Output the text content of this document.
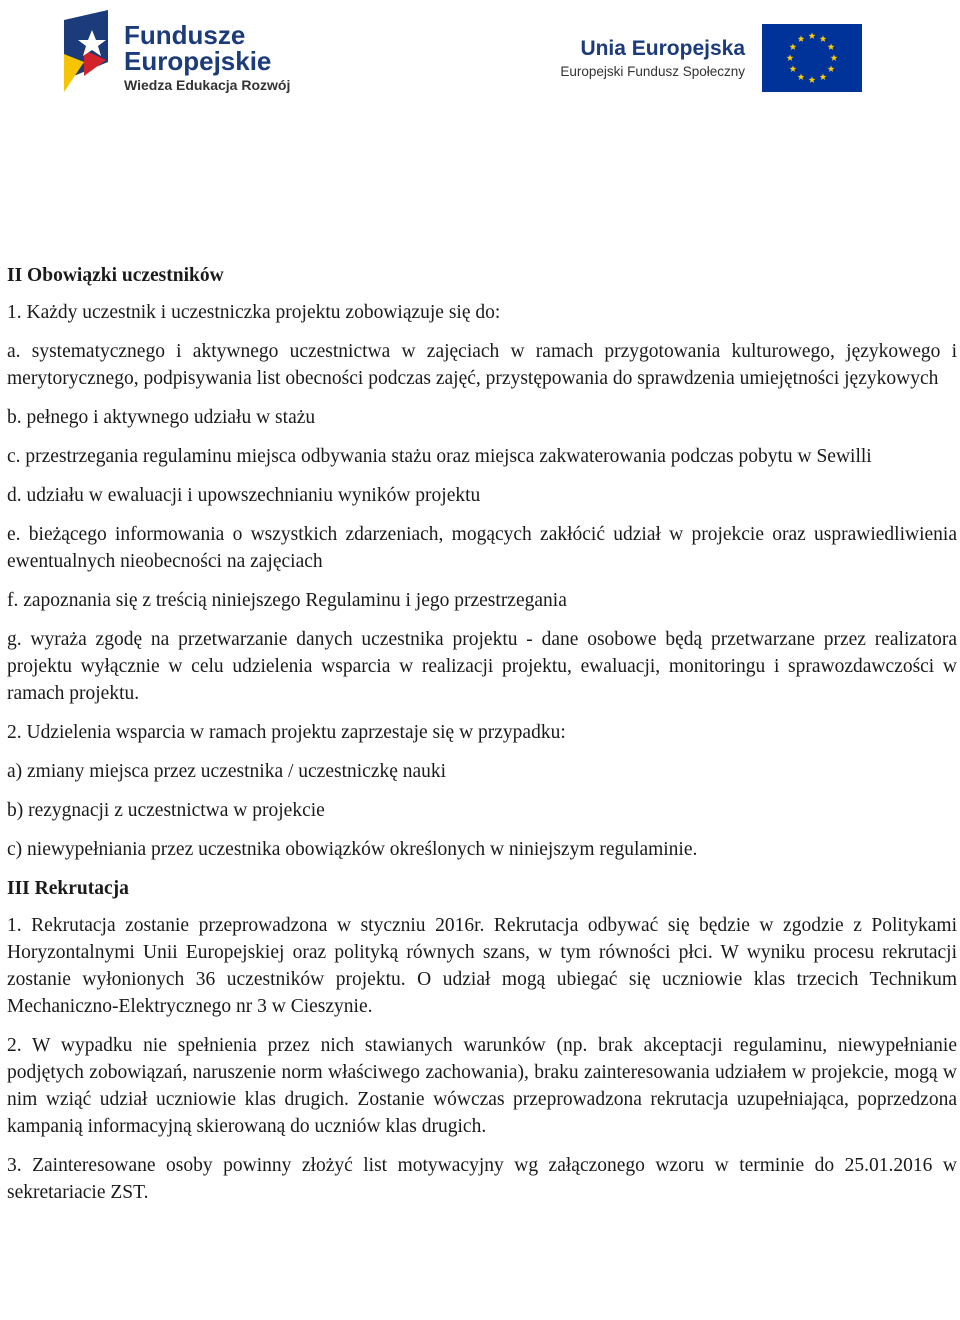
Fundusze
Europejskie
Wiedza Edukacja Rozwój
Unia Europejska
Europejski Fundusz Społeczny

II Obowiązki uczestników

1. Każdy uczestnik i uczestniczka projektu zobowiązuje się do:

a. systematycznego i aktywnego uczestnictwa w zajęciach w ramach przygotowania kulturowego, językowego i merytorycznego, podpisywania list obecności podczas zajęć, przystępowania do sprawdzenia umiejętności językowych

b. pełnego i aktywnego udziału w stażu

c. przestrzegania regulaminu miejsca odbywania stażu oraz miejsca zakwaterowania podczas pobytu w Sewilli

d. udziału w ewaluacji i upowszechnianiu wyników projektu

e. bieżącego informowania o wszystkich zdarzeniach, mogących zakłócić udział w projekcie oraz usprawiedliwienia ewentualnych nieobecności na zajęciach

f. zapoznania się z treścią niniejszego Regulaminu i jego przestrzegania

g. wyraża zgodę na przetwarzanie danych uczestnika projektu - dane osobowe będą przetwarzane przez realizatora projektu wyłącznie w celu udzielenia wsparcia w realizacji projektu, ewaluacji, monitoringu i sprawozdawczości w ramach projektu.

2. Udzielenia wsparcia w ramach projektu zaprzestaje się w przypadku:

a) zmiany miejsca przez uczestnika / uczestniczkę nauki

b) rezygnacji z uczestnictwa w projekcie

c) niewypełniania przez uczestnika obowiązków określonych w niniejszym regulaminie.

III Rekrutacja

1. Rekrutacja zostanie przeprowadzona w styczniu 2016r. Rekrutacja odbywać się będzie w zgodzie z Politykami Horyzontalnymi Unii Europejskiej oraz polityką równych szans, w tym równości płci. W wyniku procesu rekrutacji zostanie wyłonionych 36 uczestników projektu. O udział mogą ubiegać się uczniowie klas trzecich Technikum Mechaniczno-Elektrycznego nr 3 w Cieszynie.

2. W wypadku nie spełnienia przez nich stawianych warunków (np. brak akceptacji regulaminu, niewypełnianie podjętych zobowiązań, naruszenie norm właściwego zachowania), braku zainteresowania udziałem w projekcie, mogą w nim wziąć udział uczniowie klas drugich. Zostanie wówczas przeprowadzona rekrutacja uzupełniająca, poprzedzona kampanią informacyjną skierowaną do uczniów klas drugich.

3. Zainteresowane osoby powinny złożyć list motywacyjny wg załączonego wzoru w terminie do 25.01.2016 w sekretariacie ZST.
